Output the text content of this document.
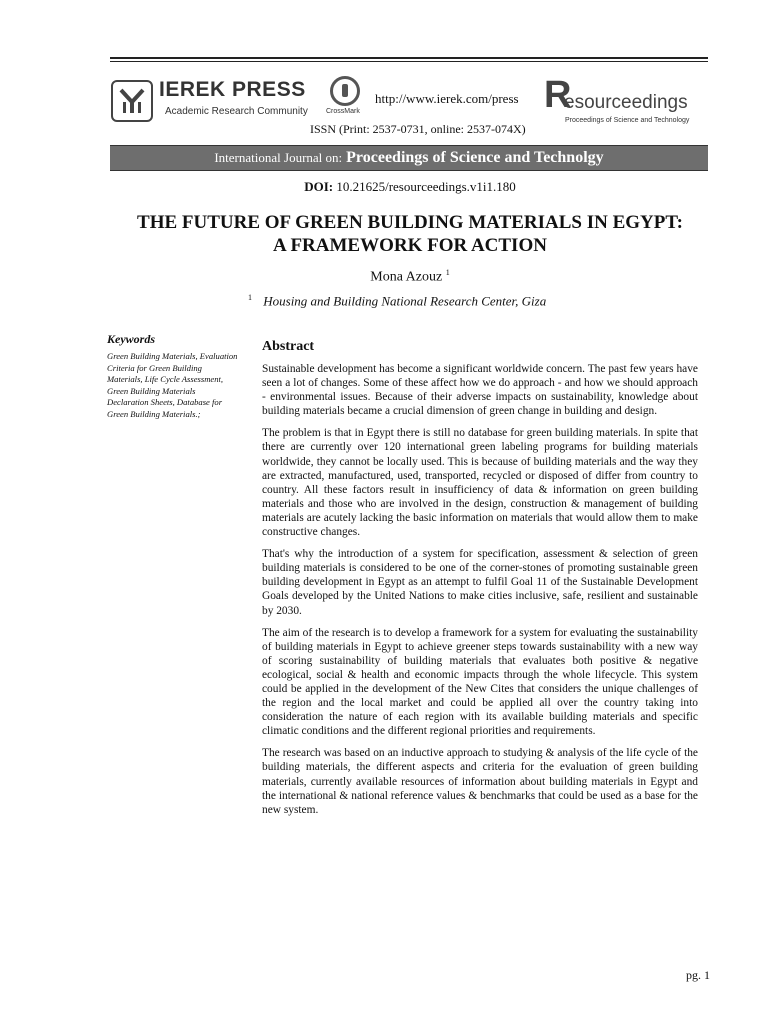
IEREK PRESS
Academic Research Community	CrossMark
http://www.ierek.com/press
ISSN (Print: 2537-0731, online: 2537-074X)
R
esourceedings
Proceedings of Science and Technology
International Journal on: Proceedings of Science and Technolgy
DOI: 10.21625/resourceedings.v1i1.180
THE FUTURE OF GREEN BUILDING MATERIALS IN EGYPT:
A FRAMEWORK FOR ACTION
Mona Azouz $^1$
$^1$ Housing and Building National Research Center, Giza
Keywords
Green Building Materials, Evaluation Criteria for Green Building Materials, Life Cycle Assessment, Green Building Materials Declaration Sheets, Database for Green Building Materials.;
Abstract

Sustainable development has become a significant worldwide concern. The past few years have seen a lot of changes. Some of these affect how we do approach - and how we should approach - environmental issues. Because of their adverse impacts on sustainability, knowledge about building materials became a crucial dimension of green change in building and design.

The problem is that in Egypt there is still no database for green building materials. In spite that there are currently over 120 international green labeling programs for building materials worldwide, they cannot be locally used. This is because of building materials and the way they are extracted, manufactured, used, transported, recycled or disposed of differ from country to country. All these factors result in insufficiency of data & information on green building materials and those who are involved in the design, construction & management of building materials are acutely lacking the basic information on materials that would allow them to make constructive changes.

That's why the introduction of a system for specification, assessment & selection of green building materials is considered to be one of the corner-stones of promoting sustainable green building development in Egypt as an attempt to fulfil Goal 11 of the Sustainable Development Goals developed by the United Nations to make cities inclusive, safe, resilient and sustainable by 2030.

The aim of the research is to develop a framework for a system for evaluating the sustainability of building materials in Egypt to achieve greener steps towards sustainability with a new way of scoring sustainability of building materials that evaluates both positive & negative ecological, social & health and economic impacts through the whole lifecycle. This system could be applied in the development of the New Cites that considers the unique challenges of the region and the local market and could be applied all over the country taking into consideration the nature of each region with its available building materials and specific climatic conditions and the different regional priorities and requirements.

The research was based on an inductive approach to studying & analysis of the life cycle of the building materials, the different aspects and criteria for the evaluation of green building materials, currently available resources of information about building materials in Egypt and the international & national reference values & benchmarks that could be used as a base for the new system.

pg. 1
